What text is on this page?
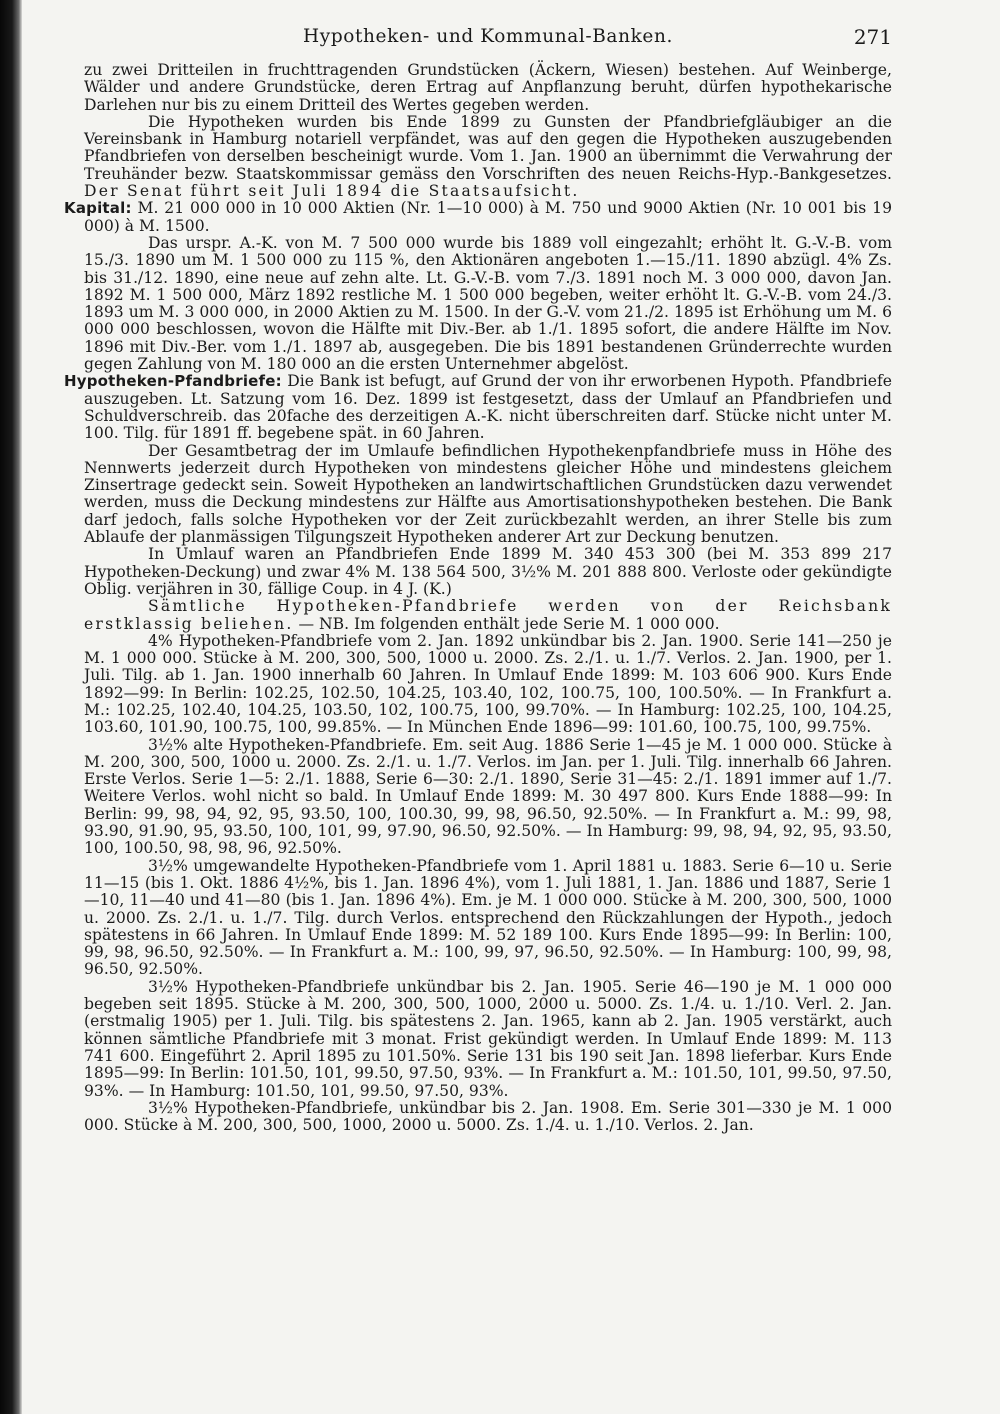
Hypotheken- und Kommunal-Banken.	271

zu zwei Dritteilen in fruchttragenden Grundstücken (Äckern, Wiesen) bestehen. Auf Weinberge, Wälder und andere Grundstücke, deren Ertrag auf Anpflanzung beruht, dürfen hypothekarische Darlehen nur bis zu einem Dritteil des Wertes gegeben werden.

Die Hypotheken wurden bis Ende 1899 zu Gunsten der Pfandbriefgläubiger an die Vereinsbank in Hamburg notariell verpfändet, was auf den gegen die Hypotheken auszugebenden Pfandbriefen von derselben bescheinigt wurde. Vom 1. Jan. 1900 an übernimmt die Verwahrung der Treuhänder bezw. Staatskommissar gemäss den Vorschriften des neuen Reichs-Hyp.-Bankgesetzes. Der Senat führt seit Juli 1894 die Staatsaufsicht.

Kapital: M. 21 000 000 in 10 000 Aktien (Nr. 1—10 000) à M. 750 und 9000 Aktien (Nr. 10 001 bis 19 000) à M. 1500.

Das urspr. A.-K. von M. 7 500 000 wurde bis 1889 voll eingezahlt; erhöht lt. G.-V.-B. vom 15./3. 1890 um M. 1 500 000 zu 115 %, den Aktionären angeboten 1.—15./11. 1890 abzügl. 4% Zs. bis 31./12. 1890, eine neue auf zehn alte. Lt. G.-V.-B. vom 7./3. 1891 noch M. 3 000 000, davon Jan. 1892 M. 1 500 000, März 1892 restliche M. 1 500 000 begeben, weiter erhöht lt. G.-V.-B. vom 24./3. 1893 um M. 3 000 000, in 2000 Aktien zu M. 1500. In der G.-V. vom 21./2. 1895 ist Erhöhung um M. 6 000 000 beschlossen, wovon die Hälfte mit Div.-Ber. ab 1./1. 1895 sofort, die andere Hälfte im Nov. 1896 mit Div.-Ber. vom 1./1. 1897 ab, ausgegeben. Die bis 1891 bestandenen Gründerrechte wurden gegen Zahlung von M. 180 000 an die ersten Unternehmer abgelöst.

Hypotheken-Pfandbriefe: Die Bank ist befugt, auf Grund der von ihr erworbenen Hypoth. Pfandbriefe auszugeben. Lt. Satzung vom 16. Dez. 1899 ist festgesetzt, dass der Umlauf an Pfandbriefen und Schuldverschreib. das 20fache des derzeitigen A.-K. nicht überschreiten darf. Stücke nicht unter M. 100. Tilg. für 1891 ff. begebene spät. in 60 Jahren.

Der Gesamtbetrag der im Umlaufe befindlichen Hypothekenpfandbriefe muss in Höhe des Nennwerts jederzeit durch Hypotheken von mindestens gleicher Höhe und mindestens gleichem Zinsertrage gedeckt sein. Soweit Hypotheken an landwirtschaftlichen Grundstücken dazu verwendet werden, muss die Deckung mindestens zur Hälfte aus Amortisationshypotheken bestehen. Die Bank darf jedoch, falls solche Hypotheken vor der Zeit zurückbezahlt werden, an ihrer Stelle bis zum Ablaufe der planmässigen Tilgungszeit Hypotheken anderer Art zur Deckung benutzen.

In Umlauf waren an Pfandbriefen Ende 1899 M. 340 453 300 (bei M. 353 899 217 Hypotheken-Deckung) und zwar 4% M. 138 564 500, 3½% M. 201 888 800. Verloste oder gekündigte Oblig. verjähren in 30, fällige Coup. in 4 J. (K.)

Sämtliche Hypotheken-Pfandbriefe werden von der Reichsbank erstklassig beliehen. — NB. Im folgenden enthält jede Serie M. 1 000 000.

4% Hypotheken-Pfandbriefe vom 2. Jan. 1892 unkündbar bis 2. Jan. 1900. Serie 141—250 je M. 1 000 000. Stücke à M. 200, 300, 500, 1000 u. 2000. Zs. 2./1. u. 1./7. Verlos. 2. Jan. 1900, per 1. Juli. Tilg. ab 1. Jan. 1900 innerhalb 60 Jahren. In Umlauf Ende 1899: M. 103 606 900. Kurs Ende 1892—99: In Berlin: 102.25, 102.50, 104.25, 103.40, 102, 100.75, 100, 100.50%. — In Frankfurt a. M.: 102.25, 102.40, 104.25, 103.50, 102, 100.75, 100, 99.70%. — In Hamburg: 102.25, 100, 104.25, 103.60, 101.90, 100.75, 100, 99.85%. — In München Ende 1896—99: 101.60, 100.75, 100, 99.75%.

3½% alte Hypotheken-Pfandbriefe. Em. seit Aug. 1886 Serie 1—45 je M. 1 000 000. Stücke à M. 200, 300, 500, 1000 u. 2000. Zs. 2./1. u. 1./7. Verlos. im Jan. per 1. Juli. Tilg. innerhalb 66 Jahren. Erste Verlos. Serie 1—5: 2./1. 1888, Serie 6—30: 2./1. 1890, Serie 31—45: 2./1. 1891 immer auf 1./7. Weitere Verlos. wohl nicht so bald. In Umlauf Ende 1899: M. 30 497 800. Kurs Ende 1888—99: In Berlin: 99, 98, 94, 92, 95, 93.50, 100, 100.30, 99, 98, 96.50, 92.50%. — In Frankfurt a. M.: 99, 98, 93.90, 91.90, 95, 93.50, 100, 101, 99, 97.90, 96.50, 92.50%. — In Hamburg: 99, 98, 94, 92, 95, 93.50, 100, 100.50, 98, 98, 96, 92.50%.

3½% umgewandelte Hypotheken-Pfandbriefe vom 1. April 1881 u. 1883. Serie 6—10 u. Serie 11—15 (bis 1. Okt. 1886 4½%, bis 1. Jan. 1896 4%), vom 1. Juli 1881, 1. Jan. 1886 und 1887, Serie 1—10, 11—40 und 41—80 (bis 1. Jan. 1896 4%). Em. je M. 1 000 000. Stücke à M. 200, 300, 500, 1000 u. 2000. Zs. 2./1. u. 1./7. Tilg. durch Verlos. entsprechend den Rückzahlungen der Hypoth., jedoch spätestens in 66 Jahren. In Umlauf Ende 1899: M. 52 189 100. Kurs Ende 1895—99: In Berlin: 100, 99, 98, 96.50, 92.50%. — In Frankfurt a. M.: 100, 99, 97, 96.50, 92.50%. — In Hamburg: 100, 99, 98, 96.50, 92.50%.

3½% Hypotheken-Pfandbriefe unkündbar bis 2. Jan. 1905. Serie 46—190 je M. 1 000 000 begeben seit 1895. Stücke à M. 200, 300, 500, 1000, 2000 u. 5000. Zs. 1./4. u. 1./10. Verl. 2. Jan. (erstmalig 1905) per 1. Juli. Tilg. bis spätestens 2. Jan. 1965, kann ab 2. Jan. 1905 verstärkt, auch können sämtliche Pfandbriefe mit 3 monat. Frist gekündigt werden. In Umlauf Ende 1899: M. 113 741 600. Eingeführt 2. April 1895 zu 101.50%. Serie 131 bis 190 seit Jan. 1898 lieferbar. Kurs Ende 1895—99: In Berlin: 101.50, 101, 99.50, 97.50, 93%. — In Frankfurt a. M.: 101.50, 101, 99.50, 97.50, 93%. — In Hamburg: 101.50, 101, 99.50, 97.50, 93%.

3½% Hypotheken-Pfandbriefe, unkündbar bis 2. Jan. 1908. Em. Serie 301—330 je M. 1 000 000. Stücke à M. 200, 300, 500, 1000, 2000 u. 5000. Zs. 1./4. u. 1./10. Verlos. 2. Jan.
